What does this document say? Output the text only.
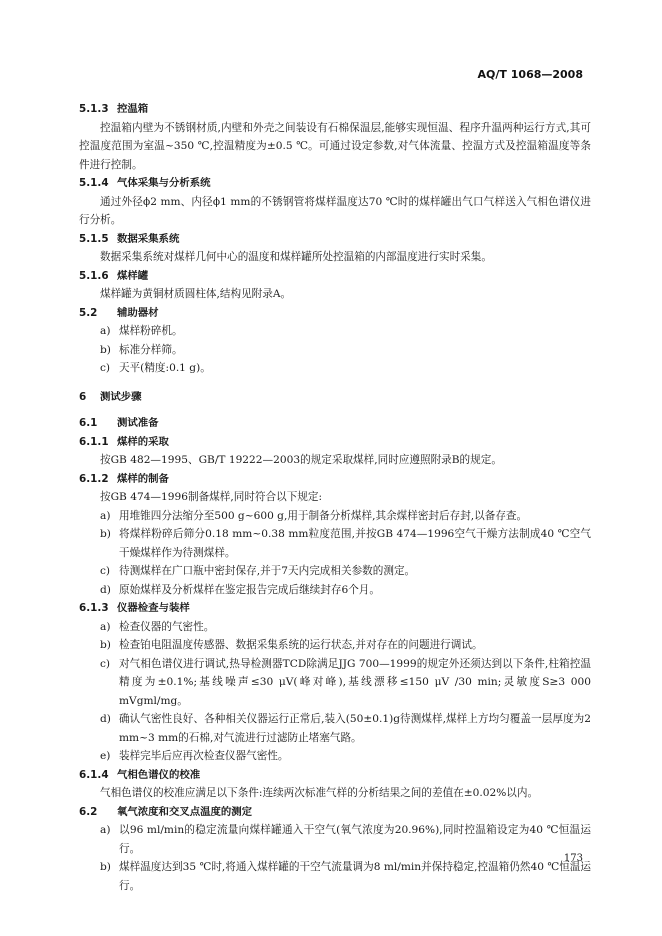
AQ/T 1068—2008
5.1.3 控温箱

控温箱内壁为不锈钢材质,内壁和外壳之间装设有石棉保温层,能够实现恒温、程序升温两种运行方式,其可控温度范围为室温~350 ℃,控温精度为±0.5 ℃。可通过设定参数,对气体流量、控温方式及控温箱温度等条件进行控制。

5.1.4 气体采集与分析系统

通过外径ϕ2 mm、内径ϕ1 mm的不锈钢管将煤样温度达70 ℃时的煤样罐出气口气样送入气相色谱仪进行分析。

5.1.5 数据采集系统

数据采集系统对煤样几何中心的温度和煤样罐所处控温箱的内部温度进行实时采集。

5.1.6 煤样罐

煤样罐为黄铜材质圆柱体,结构见附录A。

5.2 辅助器材

a) 煤样粉碎机。

b) 标准分样筛。

c) 天平(精度:0.1 g)。

6 测试步骤
6.1 测试准备
6.1.1 煤样的采取

按GB 482—1995、GB/T 19222—2003的规定采取煤样,同时应遵照附录B的规定。

6.1.2 煤样的制备

按GB 474—1996制备煤样,同时符合以下规定:

a) 用堆锥四分法缩分至500 g~600 g,用于制备分析煤样,其余煤样密封后存封,以备存查。

b) 将煤样粉碎后筛分0.18 mm~0.38 mm粒度范围,并按GB 474—1996空气干燥方法制成40 ℃空气干燥煤样作为待测煤样。

c) 待测煤样在广口瓶中密封保存,并于7天内完成相关参数的测定。

d) 原始煤样及分析煤样在鉴定报告完成后继续封存6个月。

6.1.3 仪器检查与装样

a) 检查仪器的气密性。

b) 检查铂电阻温度传感器、数据采集系统的运行状态,并对存在的问题进行调试。

c) 对气相色谱仪进行调试,热导检测器TCD除满足JJG 700—1999的规定外还须达到以下条件,柱箱控温精度为±0.1%;基线噪声≤30 μV(峰对峰),基线漂移≤150 μV /30 min;灵敏度S≥3 000 mVgml/mg。

d) 确认气密性良好、各种相关仪器运行正常后,装入(50±0.1)g待测煤样,煤样上方均匀覆盖一层厚度为2 mm~3 mm的石棉,对气流进行过滤防止堵塞气路。

e) 装样完毕后应再次检查仪器气密性。

6.1.4 气相色谱仪的校准

气相色谱仪的校准应满足以下条件:连续两次标准气样的分析结果之间的差值在±0.02%以内。

6.2 氧气浓度和交叉点温度的测定

a) 以96 ml/min的稳定流量向煤样罐通入干空气(氧气浓度为20.96%),同时控温箱设定为40 ℃恒温运行。

b) 煤样温度达到35 ℃时,将通入煤样罐的干空气流量调为8 ml/min并保持稳定,控温箱仍然40 ℃恒温运行。

173
